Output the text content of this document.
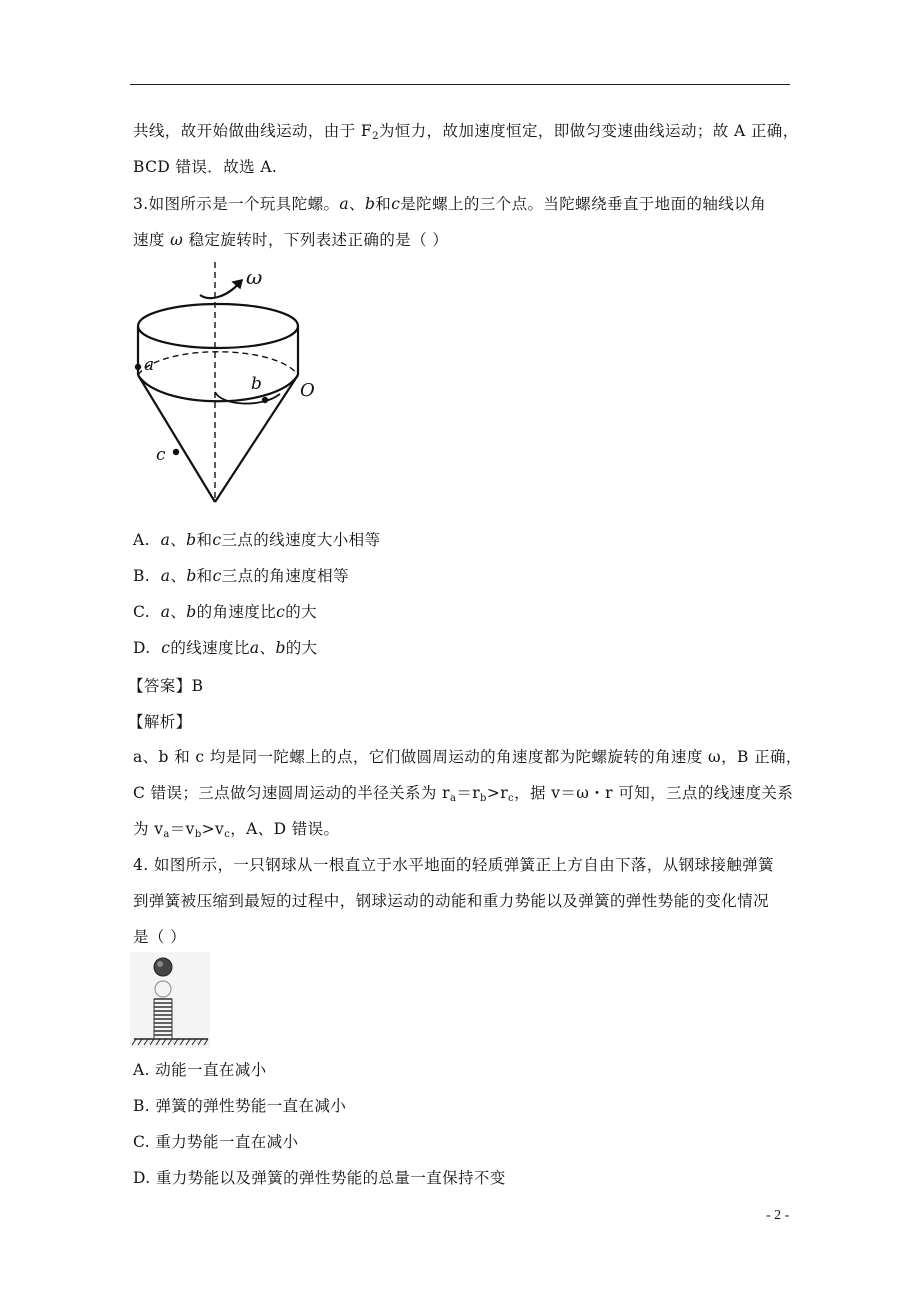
共线，故开始做曲线运动，由于 $F_2$为恒力，故加速度恒定，即做匀变速曲线运动；故 A 正确，
BCD 错误．故选 A.
3.如图所示是一个玩具陀螺。a、b和c是陀螺上的三个点。当陀螺绕垂直于地面的轴线以角
速度 ω 稳定旋转时，下列表述正确的是（ ）
ω
a
b
c
O
A. a、b和c三点的线速度大小相等
B. a、b和c三点的角速度相等
C. a、b的角速度比c的大
D. c的线速度比a、b的大
【答案】B
【解析】
a、b 和 c 均是同一陀螺上的点，它们做圆周运动的角速度都为陀螺旋转的角速度 ω，B 正确，
C 错误；三点做匀速圆周运动的半径关系为 $r_a=r_b>r_c$，据 v＝ω・r 可知，三点的线速度关系
为 $v_a=v_b>v_c$，A、D 错误。
4. 如图所示，一只钢球从一根直立于水平地面的轻质弹簧正上方自由下落，从钢球接触弹簧
到弹簧被压缩到最短的过程中，钢球运动的动能和重力势能以及弹簧的弹性势能的变化情况
是（ ）
A. 动能一直在减小
B. 弹簧的弹性势能一直在减小
C. 重力势能一直在减小
D. 重力势能以及弹簧的弹性势能的总量一直保持不变
- 2 -
